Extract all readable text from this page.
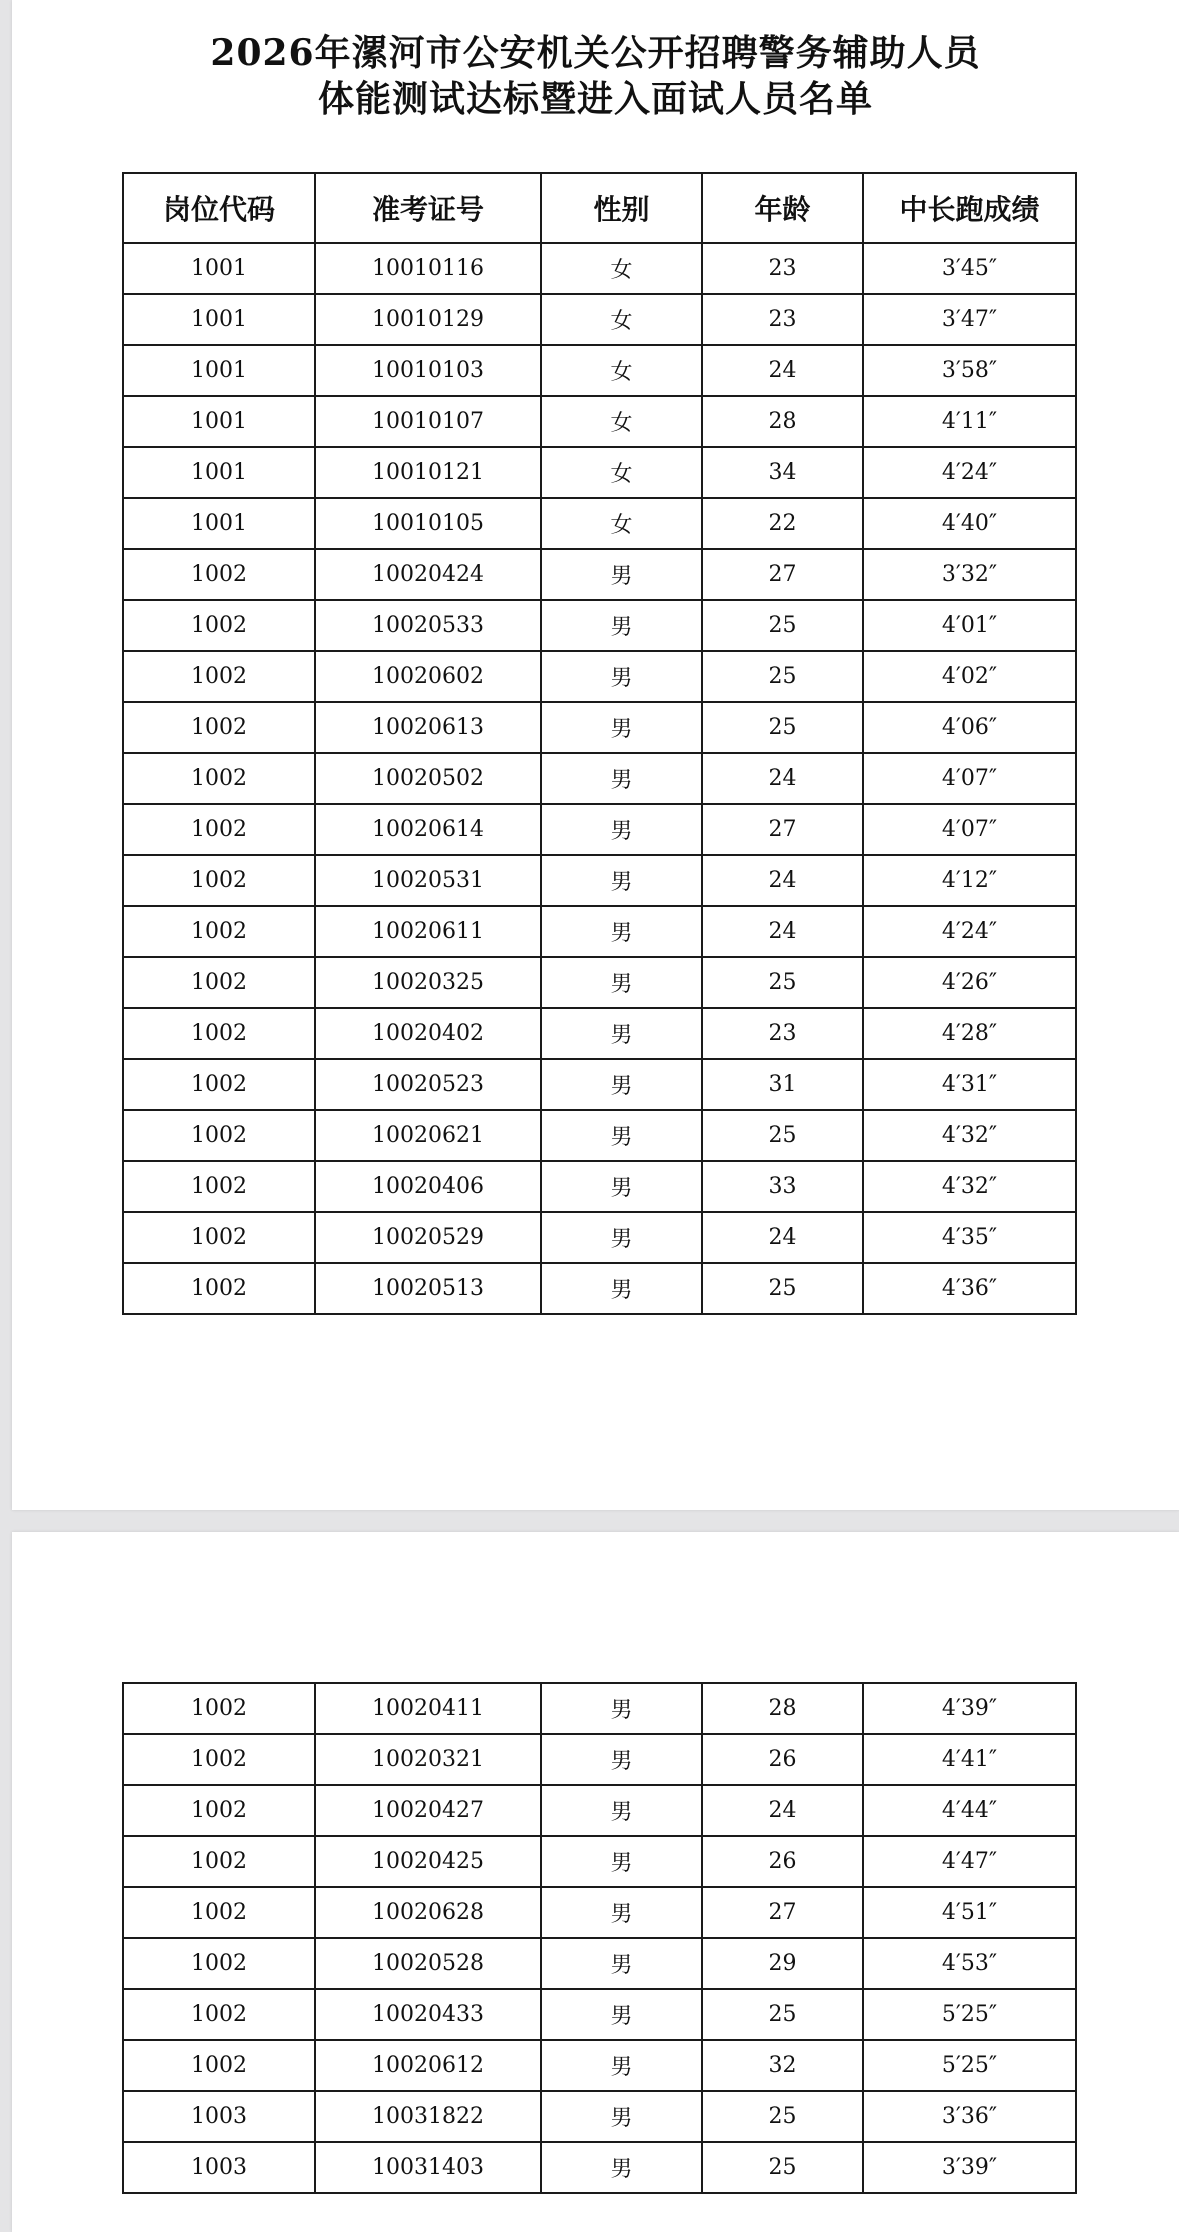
2026年漯河市公安机关公开招聘警务辅助人员
体能测试达标暨进入面试人员名单
岗位代码	准考证号	性别	年龄	中长跑成绩
1001	10010116	女	23	3′45″
1001	10010129	女	23	3′47″
1001	10010103	女	24	3′58″
1001	10010107	女	28	4′11″
1001	10010121	女	34	4′24″
1001	10010105	女	22	4′40″
1002	10020424	男	27	3′32″
1002	10020533	男	25	4′01″
1002	10020602	男	25	4′02″
1002	10020613	男	25	4′06″
1002	10020502	男	24	4′07″
1002	10020614	男	27	4′07″
1002	10020531	男	24	4′12″
1002	10020611	男	24	4′24″
1002	10020325	男	25	4′26″
1002	10020402	男	23	4′28″
1002	10020523	男	31	4′31″
1002	10020621	男	25	4′32″
1002	10020406	男	33	4′32″
1002	10020529	男	24	4′35″
1002	10020513	男	25	4′36″
1002	10020411	男	28	4′39″
1002	10020321	男	26	4′41″
1002	10020427	男	24	4′44″
1002	10020425	男	26	4′47″
1002	10020628	男	27	4′51″
1002	10020528	男	29	4′53″
1002	10020433	男	25	5′25″
1002	10020612	男	32	5′25″
1003	10031822	男	25	3′36″
1003	10031403	男	25	3′39″
